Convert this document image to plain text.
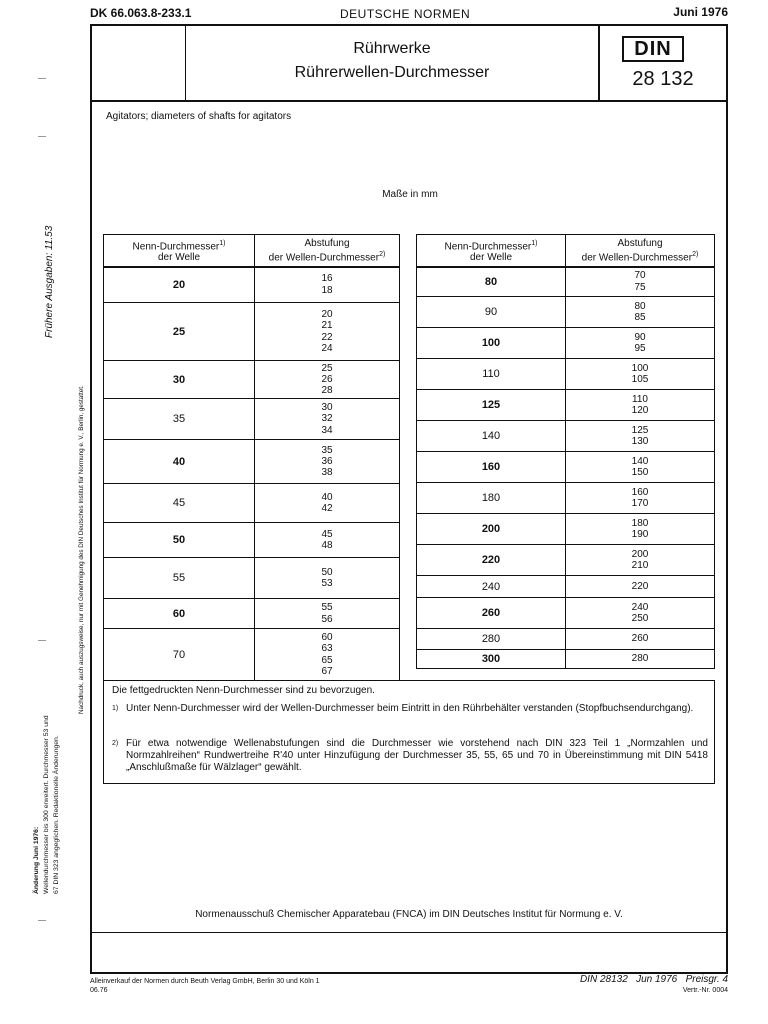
DK 66.063.8-233.1	DEUTSCHE NORMEN	Juni 1976
Rührwerke
Rührerwellen-Durchmesser
DIN
28 132
Agitators; diameters of shafts for agitators
Maße in mm
Nenn-Durchmesser$^{1)}$
der Welle	Abstufung
der Wellen-Durchmesser$^{2)}$
20	16
18
25	20
21
22
24
30	25
26
28
35	30
32
34
40	35
36
38
45	40
42
50	45
48
55	50
53
60	55
56
70	60
63
65
67
Nenn-Durchmesser$^{1)}$
der Welle	Abstufung
der Wellen-Durchmesser$^{2)}$
80	70
75
90	80
85
100	90
95
110	100
105
125	110
120
140	125
130
160	140
150
180	160
170
200	180
190
220	200
210
240	220
260	240
250
280	260
300	280
Die fettgedruckten Nenn-Durchmesser sind zu bevorzugen.
1) Unter Nenn-Durchmesser wird der Wellen-Durchmesser beim Eintritt in den Rührbehälter verstanden (Stopfbuchsendurchgang).
2) Für etwa notwendige Wellenabstufungen sind die Durchmesser wie vorstehend nach DIN 323 Teil 1 „Normzahlen und Normzahlreihen“ Rundwertreihe R'40 unter Hinzufügung der Durchmesser 35, 55, 65 und 70 in Übereinstimmung mit DIN 5418 „Anschlußmaße für Wälzlager“ gewählt.
Normenausschuß Chemischer Apparatebau (FNCA) im DIN Deutsches Institut für Normung e. V.
Alleinverkauf der Normen durch Beuth Verlag GmbH, Berlin 30 und Köln 1
06.76
DIN 28132   Jun 1976   Preisgr. 4
Vertr.-Nr. 0004
Frühere Ausgaben: 11.53
Nachdruck, auch auszugsweise, nur mit Genehmigung des DIN Deutsches Institut für Normung e. V., Berlin, gestattet.
Änderung Juni 1976: Wellendurchmesser bis 300 erweitert. Durchmesser 53 und 67 DIN 323 angeglichen. Redaktionelle Änderungen.
